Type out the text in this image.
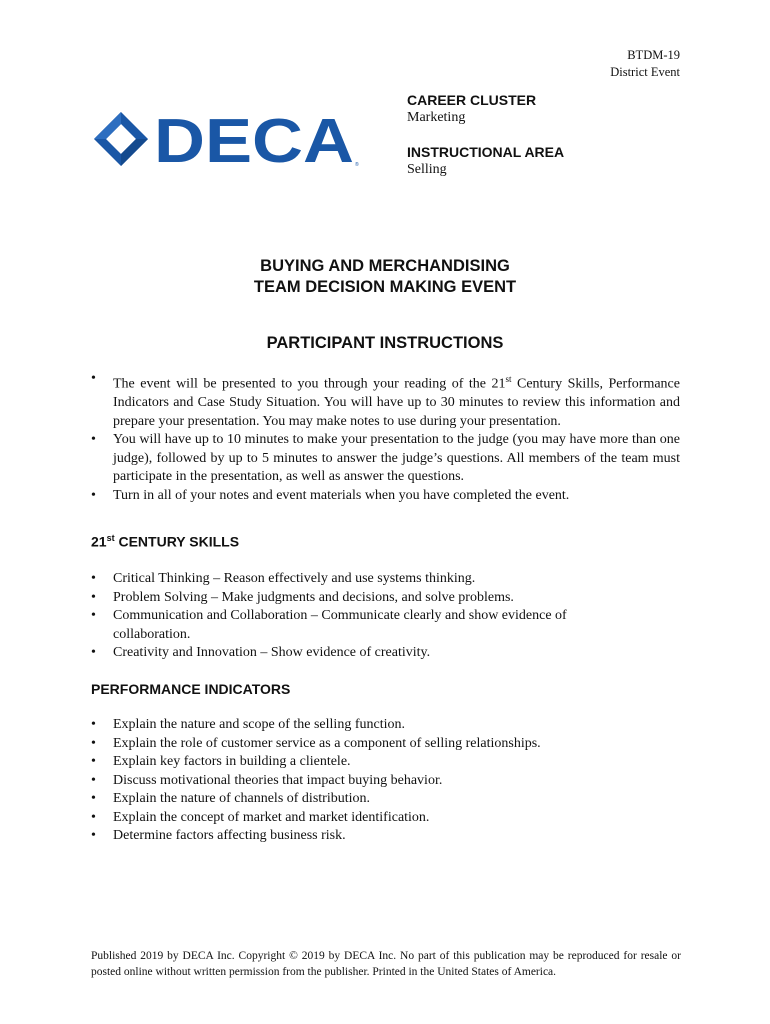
BTDM-19
District Event
DECA ®

CAREER CLUSTER

Marketing

INSTRUCTIONAL AREA

Selling

BUYING AND MERCHANDISING
TEAM DECISION MAKING EVENT
PARTICIPANT INSTRUCTIONS
• The event will be presented to you through your reading of the 21st Century Skills, Performance Indicators and Case Study Situation. You will have up to 30 minutes to review this information and prepare your presentation. You may make notes to use during your presentation.
• You will have up to 10 minutes to make your presentation to the judge (you may have more than one judge), followed by up to 5 minutes to answer the judge’s questions. All members of the team must participate in the presentation, as well as answer the questions.
• Turn in all of your notes and event materials when you have completed the event.
21st CENTURY SKILLS
• Critical Thinking – Reason effectively and use systems thinking.
• Problem Solving – Make judgments and decisions, and solve problems.
• Communication and Collaboration – Communicate clearly and show evidence of collaboration.
• Creativity and Innovation – Show evidence of creativity.
PERFORMANCE INDICATORS
• Explain the nature and scope of the selling function.
• Explain the role of customer service as a component of selling relationships.
• Explain key factors in building a clientele.
• Discuss motivational theories that impact buying behavior.
• Explain the nature of channels of distribution.
• Explain the concept of market and market identification.
• Determine factors affecting business risk.
Published 2019 by DECA Inc. Copyright © 2019 by DECA Inc. No part of this publication may be reproduced for resale or posted online without written permission from the publisher. Printed in the United States of America.
